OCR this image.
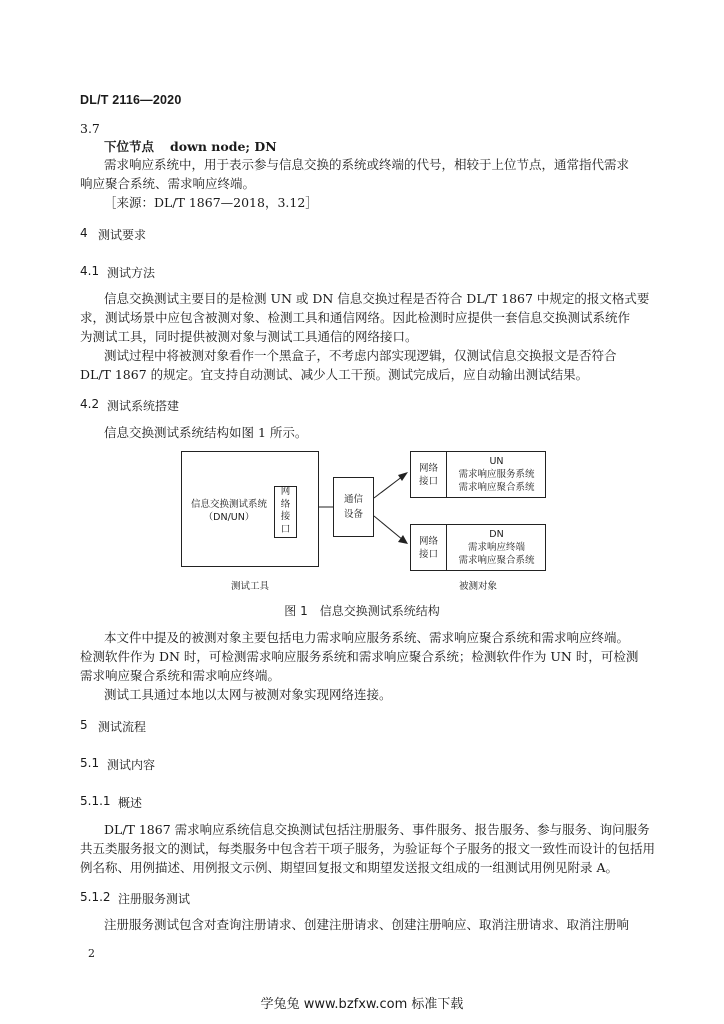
DL/T 2116—2020
3.7
下位节点 down node; DN
需求响应系统中，用于表示参与信息交换的系统或终端的代号，相较于上位节点，通常指代需求
响应聚合系统、需求响应终端。
［来源：DL/T 1867—2018，3.12］
4 测试要求
4.1 测试方法
信息交换测试主要目的是检测 UN 或 DN 信息交换过程是否符合 DL/T 1867 中规定的报文格式要
求，测试场景中应包含被测对象、检测工具和通信网络。因此检测时应提供一套信息交换测试系统作
为测试工具，同时提供被测对象与测试工具通信的网络接口。
测试过程中将被测对象看作一个黑盒子，不考虑内部实现逻辑，仅测试信息交换报文是否符合
DL/T 1867 的规定。宜支持自动测试、减少人工干预。测试完成后，应自动输出测试结果。
4.2 测试系统搭建
信息交换测试系统结构如图 1 所示。
信息交换测试系统
（DN/UN）
网
络
接
口
通信
设备
网络
接口
UN
需求响应服务系统
需求响应聚合系统
网络
接口
DN
需求响应终端
需求响应聚合系统
测试工具	被测对象
图 1　信息交换测试系统结构
本文件中提及的被测对象主要包括电力需求响应服务系统、需求响应聚合系统和需求响应终端。
检测软件作为 DN 时，可检测需求响应服务系统和需求响应聚合系统；检测软件作为 UN 时，可检测
需求响应聚合系统和需求响应终端。
测试工具通过本地以太网与被测对象实现网络连接。
5 测试流程
5.1 测试内容
5.1.1 概述
DL/T 1867 需求响应系统信息交换测试包括注册服务、事件服务、报告服务、参与服务、询问服务
共五类服务报文的测试，每类服务中包含若干项子服务，为验证每个子服务的报文一致性而设计的包括用
例名称、用例描述、用例报文示例、期望回复报文和期望发送报文组成的一组测试用例见附录 A。
5.1.2 注册服务测试
注册服务测试包含对查询注册请求、创建注册请求、创建注册响应、取消注册请求、取消注册响
2
学兔兔 www.bzfxw.com 标准下载
